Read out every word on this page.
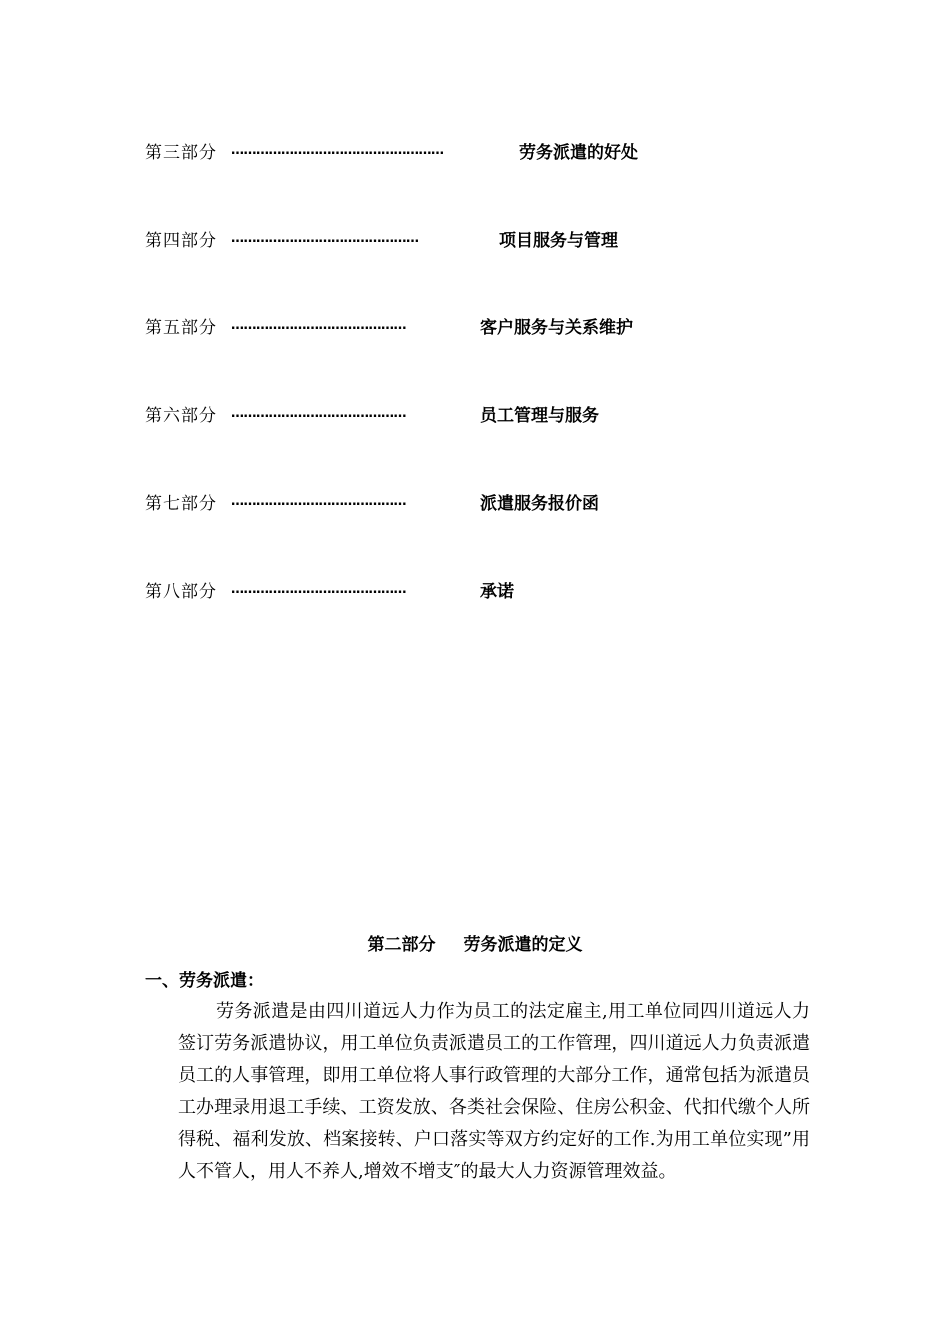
第三部分	……………………………………………	劳务派遣的好处
第四部分	………………………………………	项目服务与管理
第五部分	……………………………………	客户服务与关系维护
第六部分	……………………………………	员工管理与服务
第七部分	……………………………………	派遣服务报价函
第八部分	……………………………………	承诺
第二部分 劳务派遣的定义
一、劳务派遣：

劳务派遣是由四川道远人力作为员工的法定雇主,用工单位同四川道远人力签订劳务派遣协议，用工单位负责派遣员工的工作管理，四川道远人力负责派遣员工的人事管理，即用工单位将人事行政管理的大部分工作，通常包括为派遣员工办理录用退工手续、工资发放、各类社会保险、住房公积金、代扣代缴个人所得税、福利发放、档案接转、户口落实等双方约定好的工作.为用工单位实现”用人不管人，用人不养人,增效不增支″的最大人力资源管理效益。
